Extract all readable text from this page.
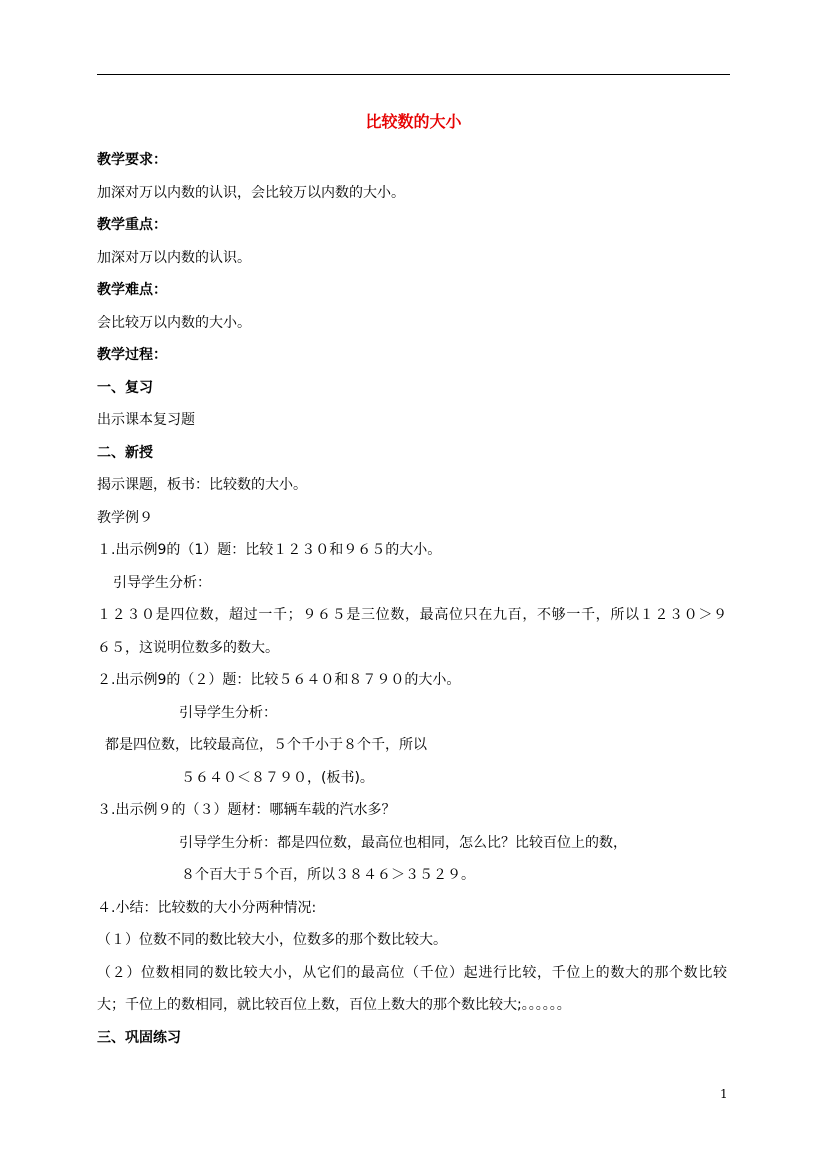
比较数的大小
教学要求：
加深对万以内数的认识，会比较万以内数的大小。
教学重点：
加深对万以内数的认识。
教学难点：
会比较万以内数的大小。
教学过程：
一、复习
出示课本复习题
二、新授
揭示课题，板书：比较数的大小。
教学例９
１.出示例9的（1）题：比较１２３０和９６５的大小。
引导学生分析：
１２３０是四位数，超过一千；９６５是三位数，最高位只在九百，不够一千，所以１２３０＞９
６５，这说明位数多的数大。
２.出示例9的（２）题：比较５６４０和８７９０的大小。
引导学生分析：
都是四位数，比较最高位，５个千小于８个千，所以
５６４０＜８７９０，(板书)。
３.出示例９的（３）题材：哪辆车载的汽水多？
引导学生分析：都是四位数，最高位也相同，怎么比？比较百位上的数，
８个百大于５个百，所以３８４６＞３５２９。
４.小结：比较数的大小分两种情况:
（１）位数不同的数比较大小，位数多的那个数比较大。
（２）位数相同的数比较大小，从它们的最高位（千位）起进行比较，千位上的数大的那个数比较
大；千位上的数相同，就比较百位上数，百位上数大的那个数比较大;。。。。。。
三、巩固练习
1
